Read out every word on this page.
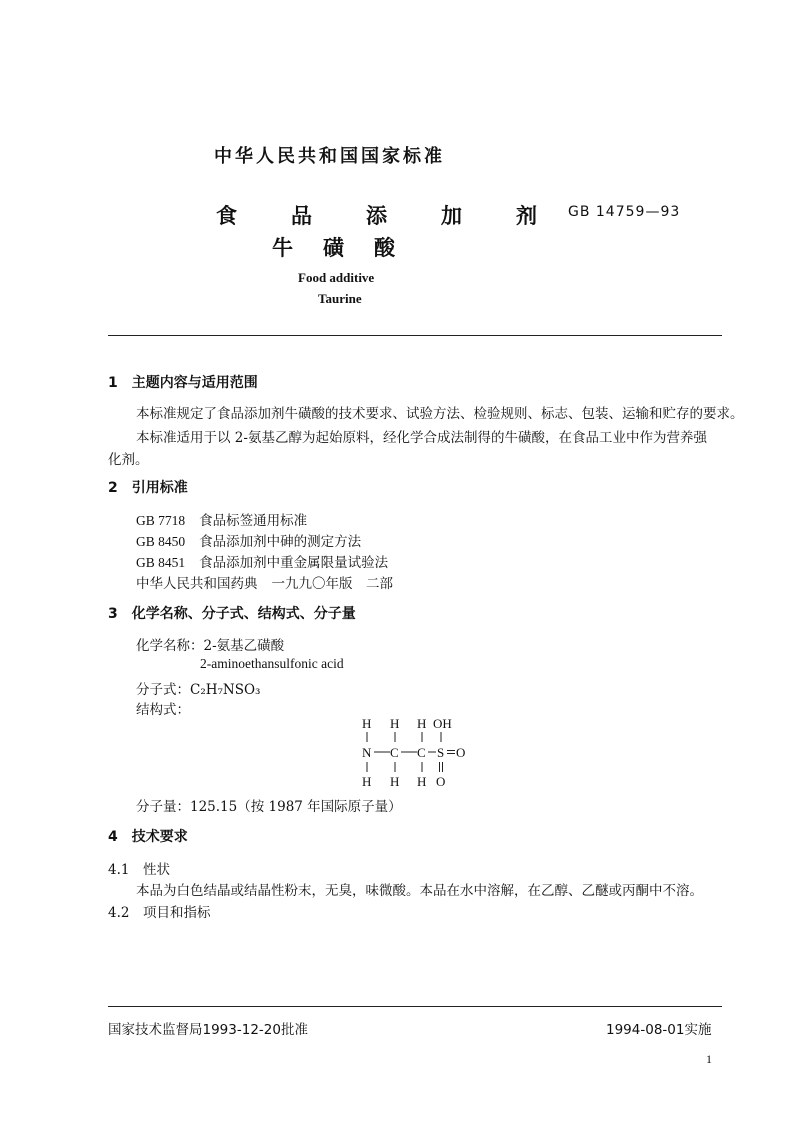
中华人民共和国国家标准
食品添加剂
牛磺酸
GB 14759—93
Food additive
Taurine
1　主题内容与适用范围
本标准规定了食品添加剂牛磺酸的技术要求、试验方法、检验规则、标志、包装、运输和贮存的要求。
本标准适用于以 2-氨基乙醇为起始原料，经化学合成法制得的牛磺酸，在食品工业中作为营养强
化剂。
2　引用标准
GB 7718 食品标签通用标准
GB 8450 食品添加剂中砷的测定方法
GB 8451 食品添加剂中重金属限量试验法
中华人民共和国药典 一九九〇年版　二部
3　化学名称、分子式、结构式、分子量
化学名称：2-氨基乙磺酸
2-aminoethansulfonic acid
分子式：C₂H₇NSO₃
结构式：
H H H OH
N C C S O
H H H O
分子量：125.15（按 1987 年国际原子量）
4　技术要求
4.1　性状
本品为白色结晶或结晶性粉末，无臭，味微酸。本品在水中溶解，在乙醇、乙醚或丙酮中不溶。
4.2　项目和指标
国家技术监督局1993-12-20批准	1994-08-01实施
1
